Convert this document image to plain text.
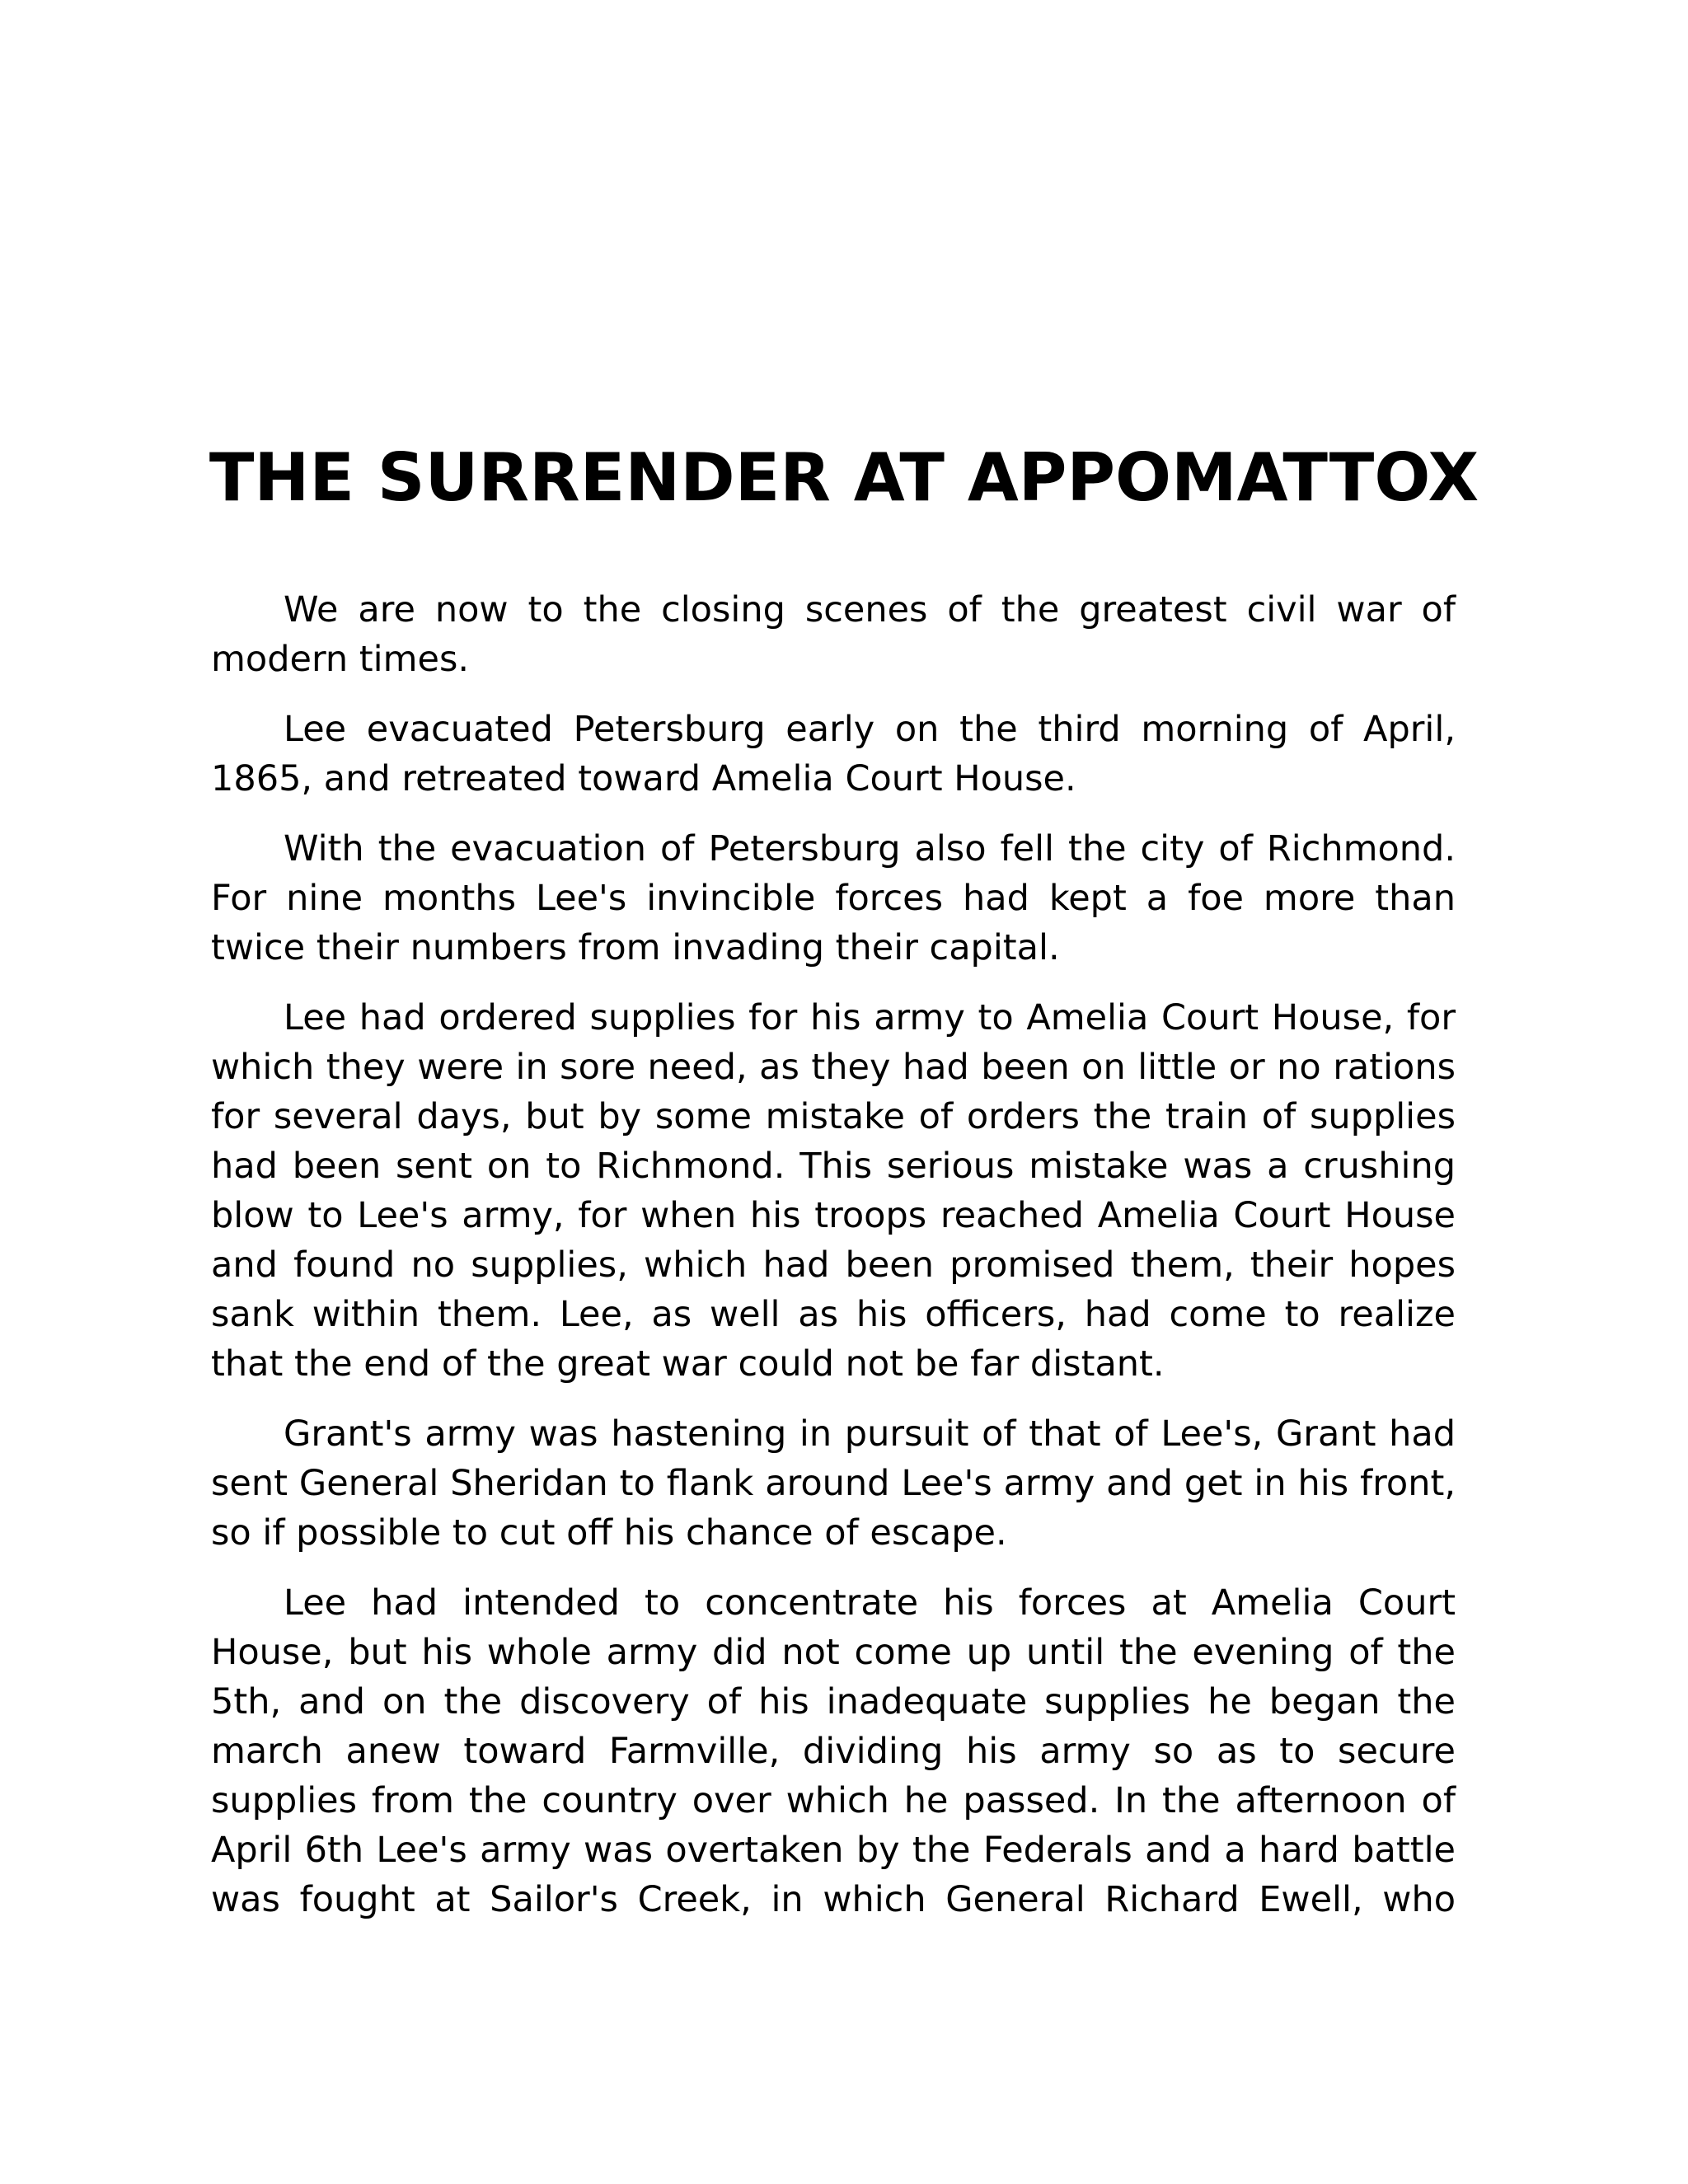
THE SURRENDER AT APPOMATTOX

We are now to the closing scenes of the greatest civil war of modern times.

Lee evacuated Petersburg early on the third morning of April, 1865, and retreated toward Amelia Court House.

With the evacuation of Petersburg also fell the city of Richmond. For nine months Lee's invincible forces had kept a foe more than twice their numbers from invading their capital.

Lee had ordered supplies for his army to Amelia Court House, for which they were in sore need, as they had been on little or no rations for several days, but by some mistake of orders the train of supplies had been sent on to Richmond. This serious mistake was a crushing blow to Lee's army, for when his troops reached Amelia Court House and found no supplies, which had been promised them, their hopes sank within them. Lee, as well as his officers, had come to realize that the end of the great war could not be far distant.

Grant's army was hastening in pursuit of that of Lee's, Grant had sent General Sheridan to flank around Lee's army and get in his front, so if possible to cut off his chance of escape.

Lee had intended to concentrate his forces at Amelia Court House, but his whole army did not come up until the evening of the 5th, and on the discovery of his inadequate supplies he began the march anew toward Farmville, dividing his army so as to secure supplies from the country over which he passed. In the afternoon of April 6th Lee's army was overtaken by the Federals and a hard battle was fought at Sailor's Creek, in which General Richard Ewell, who
